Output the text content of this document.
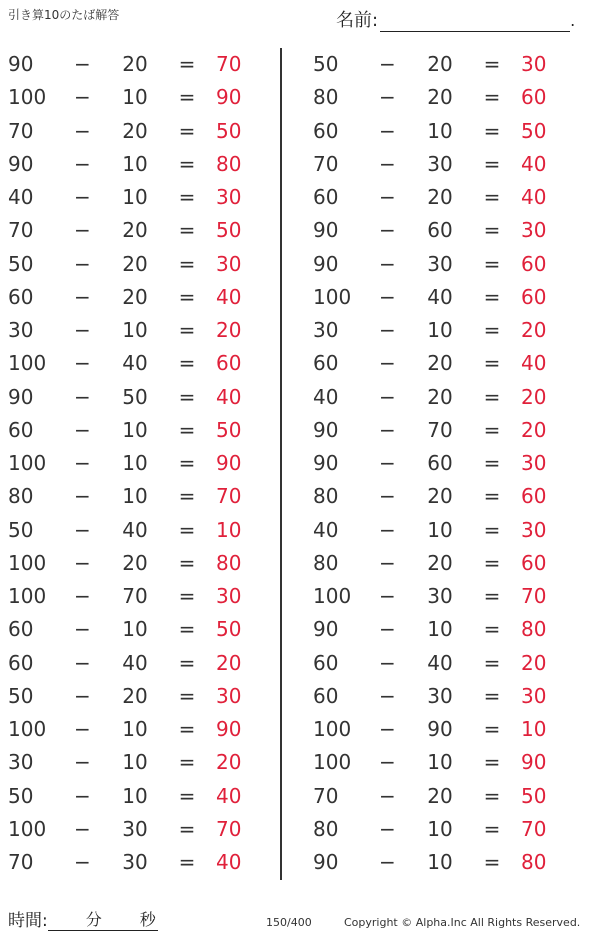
引き算10のたば解答	名前:	.
90	−	20	= 70
100 −	10	= 90
70	−	20	= 50
90	−	10	= 80
40	−	10	= 30
70	−	20	= 50
50	−	20	= 30
60	−	20	= 40
30	−	10	= 20
100 −	40	= 60
90	−	50	= 40
60	−	10	= 50
100 −	10	= 90
80	−	10	= 70
50	−	40	= 10
100 −	20	= 80
100 −	70	= 30
60	−	10	= 50
60	−	40	= 20
50	−	20	= 30
100 −	10	= 90
30	−	10	= 20
50	−	10	= 40
100 −	30	= 70
70	−	30	= 40
50	−	20	= 30
80	−	20	= 60
60	−	10	= 50
70	−	30	= 40
60	−	20	= 40
90	−	60	= 30
90	−	30	= 60
100 −	40	= 60
30	−	10	= 20
60	−	20	= 40
40	−	20	= 20
90	−	70	= 20
90	−	60	= 30
80	−	20	= 60
40	−	10	= 30
80	−	20	= 60
100 −	30	= 70
90	−	10	= 80
60	−	40	= 20
60	−	30	= 30
100 −	90	= 10
100 −	10	= 90
70	−	20	= 50
80	−	10	= 70
90	−	10	= 80
時間: 分 秒	150/400	Copyright © Alpha.Inc All Rights Reserved.
